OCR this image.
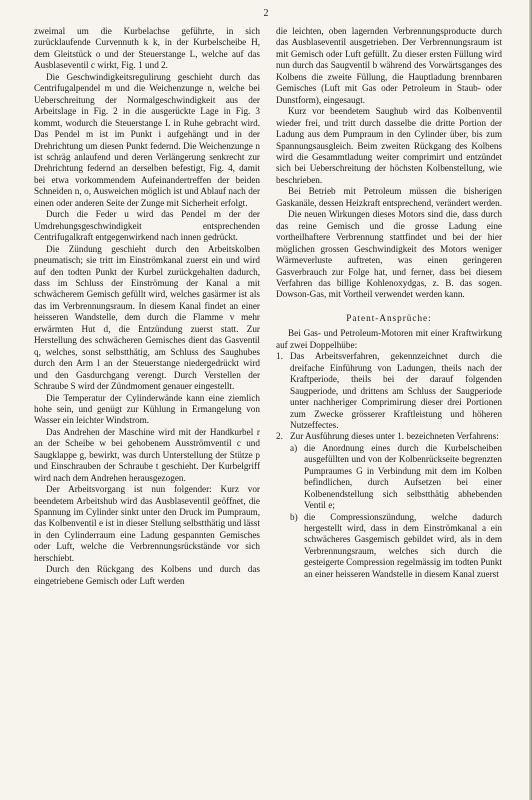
2

zweimal um die Kurbelachse geführte, in sich zurücklaufende Curvennuth k k, in der Kurbelscheibe H, dem Gleitstück o und der Steuerstange L, welche auf das Ausblaseventil c wirkt, Fig. 1 und 2.

Die Geschwindigkeitsregulirung geschieht durch das Centrifugalpendel m und die Weichenzunge n, welche bei Ueberschreitung der Normalgeschwindigkeit aus der Arbeitslage in Fig. 2 in die ausgerückte Lage in Fig. 3 kommt, wodurch die Steuerstange L in Ruhe gebracht wird. Das Pendel m ist im Punkt i aufgehängt und in der Drehrichtung um diesen Punkt federnd. Die Weichenzunge n ist schräg anlaufend und deren Verlängerung senkrecht zur Drehrichtung federnd an derselben befestigt, Fig. 4, damit bei etwa vorkommendem Aufeinandertreffen der beiden Schneiden n, o, Ausweichen möglich ist und Ablauf nach der einen oder anderen Seite der Zunge mit Sicherheit erfolgt.

Durch die Feder u wird das Pendel m der der Umdrehungsgeschwindigkeit entsprechenden Centrifugalkraft entgegenwirkend nach innen gedrückt.

Die Zündung geschieht durch den Arbeitskolben pneumatisch; sie tritt im Einströmkanal zuerst ein und wird auf den todten Punkt der Kurbel zurückgehalten dadurch, dass im Schluss der Einströmung der Kanal a mit schwächerem Gemisch gefüllt wird, welches gasärmer ist als das im Verbrennungsraum. In diesem Kanal findet an einer heisseren Wandstelle, dem durch die Flamme v mehr erwärmten Hut d, die Entzündung zuerst statt. Zur Herstellung des schwächeren Gemisches dient das Gasventil q, welches, sonst selbstthätig, am Schluss des Saughubes durch den Arm l an der Steuerstange niedergedrückt wird und den Gasdurchgang verengt. Durch Verstellen der Schraube S wird der Zündmoment genauer eingestellt.

Die Temperatur der Cylinderwände kann eine ziemlich hohe sein, und genügt zur Kühlung in Ermangelung von Wasser ein leichter Windstrom.

Das Andrehen der Maschine wird mit der Handkurbel r an der Scheibe w bei gehobenem Ausströmventil c und Saugklappe g, bewirkt, was durch Unterstellung der Stütze p und Einschrauben der Schraube t geschieht. Der Kurbelgriff wird nach dem Andrehen herausgezogen.

Der Arbeitsvorgang ist nun folgender: Kurz vor beendetem Arbeitshub wird das Ausblaseventil geöffnet, die Spannung im Cylinder sinkt unter den Druck im Pumpraum, das Kolbenventil e ist in dieser Stellung selbstthätig und lässt in den Cylinderraum eine Ladung gespannten Gemisches oder Luft, welche die Verbrennungsrückstände vor sich herschiebt.

Durch den Rückgang des Kolbens und durch das eingetriebene Gemisch oder Luft werden

die leichten, oben lagernden Verbrennungsproducte durch das Ausblaseventil ausgetrieben. Der Verbrennungsraum ist mit Gemisch oder Luft gefüllt. Zu dieser ersten Füllung wird nun durch das Saugventil b während des Vorwärtsganges des Kolbens die zweite Füllung, die Hauptladung brennbaren Gemisches (Luft mit Gas oder Petroleum in Staub- oder Dunstform), eingesaugt.

Kurz vor beendetem Saughub wird das Kolbenventil wieder frei, und tritt durch dasselbe die dritte Portion der Ladung aus dem Pumpraum in den Cylinder über, bis zum Spannungsausgleich. Beim zweiten Rückgang des Kolbens wird die Gesammtladung weiter comprimirt und entzündet sich bei Ueberschreitung der höchsten Kolbenstellung, wie beschrieben.

Bei Betrieb mit Petroleum müssen die bisherigen Gaskanäle, dessen Heizkraft entsprechend, verändert werden.

Die neuen Wirkungen dieses Motors sind die, dass durch das reine Gemisch und die grosse Ladung eine vortheilhaftere Verbrennung stattfindet und bei der hier möglichen grossen Geschwindigkeit des Motors weniger Wärmeverluste auftreten, was einen geringeren Gasverbrauch zur Folge hat, und ferner, dass bei diesem Verfahren das billige Kohlenoxydgas, z. B. das sogen. Dowson-Gas, mit Vortheil verwendet werden kann.

Patent-Ansprüche:

Bei Gas- und Petroleum-Motoren mit einer Kraftwirkung auf zwei Doppelhübe:

1. Das Arbeitsverfahren, gekennzeichnet durch die dreifache Einführung von Ladungen, theils nach der Kraftperiode, theils bei der darauf folgenden Saugperiode, und drittens am Schluss der Saugperiode unter nachheriger Comprimirung dieser drei Portionen zum Zwecke grösserer Kraftleistung und höheren Nutzeffectes.
2. Zur Ausführung dieses unter 1. bezeichneten Verfahrens:
a) die Anordnung eines durch die Kurbelscheiben ausgefüllten und von der Kolbenrückseite begrenzten Pumpraumes G in Verbindung mit dem im Kolben befindlichen, durch Aufsetzen bei einer Kolbenendstellung sich selbstthätig abhebenden Ventil e;
b) die Compressionszündung, welche dadurch hergestellt wird, dass in dem Einströmkanal a ein schwächeres Gasgemisch gebildet wird, als in dem Verbrennungsraum, welches sich durch die gesteigerte Compression regelmässig im todten Punkt an einer heisseren Wandstelle in diesem Kanal zuerst
